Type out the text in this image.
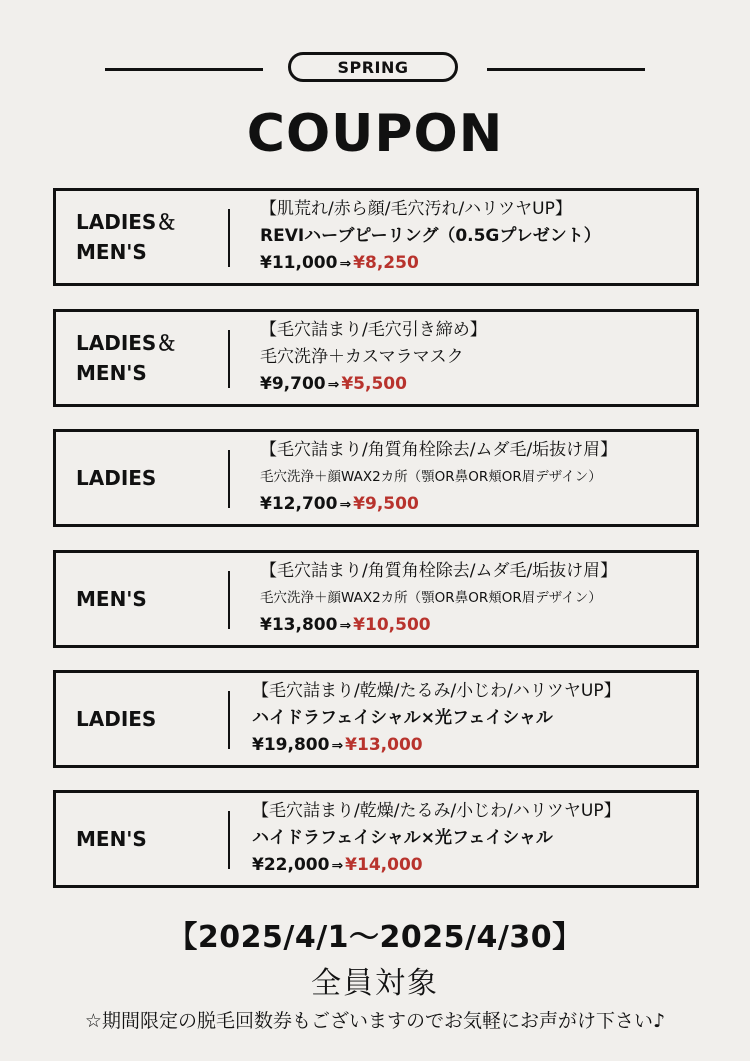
SPRING
COUPON
LADIES＆
MEN'S
【肌荒れ/赤ら顔/毛穴汚れ/ハリツヤUP】
REVIハーブピーリング（0.5Gプレゼント）
¥11,000 ⇒ ¥8,250
LADIES＆
MEN'S
【毛穴詰まり/毛穴引き締め】
毛穴洗浄＋カスマラマスク
¥9,700 ⇒ ¥5,500
LADIES
【毛穴詰まり/角質角栓除去/ムダ毛/垢抜け眉】
毛穴洗浄＋顔WAX2カ所（顎OR鼻OR頬OR眉デザイン）
¥12,700 ⇒ ¥9,500
MEN'S
【毛穴詰まり/角質角栓除去/ムダ毛/垢抜け眉】
毛穴洗浄＋顔WAX2カ所（顎OR鼻OR頬OR眉デザイン）
¥13,800 ⇒ ¥10,500
LADIES
【毛穴詰まり/乾燥/たるみ/小じわ/ハリツヤUP】
ハイドラフェイシャル×光フェイシャル
¥19,800 ⇒ ¥13,000
MEN'S
【毛穴詰まり/乾燥/たるみ/小じわ/ハリツヤUP】
ハイドラフェイシャル×光フェイシャル
¥22,000 ⇒ ¥14,000
【2025/4/1～2025/4/30】
全員対象
☆期間限定の脱毛回数券もございますのでお気軽にお声がけ下さい♪
